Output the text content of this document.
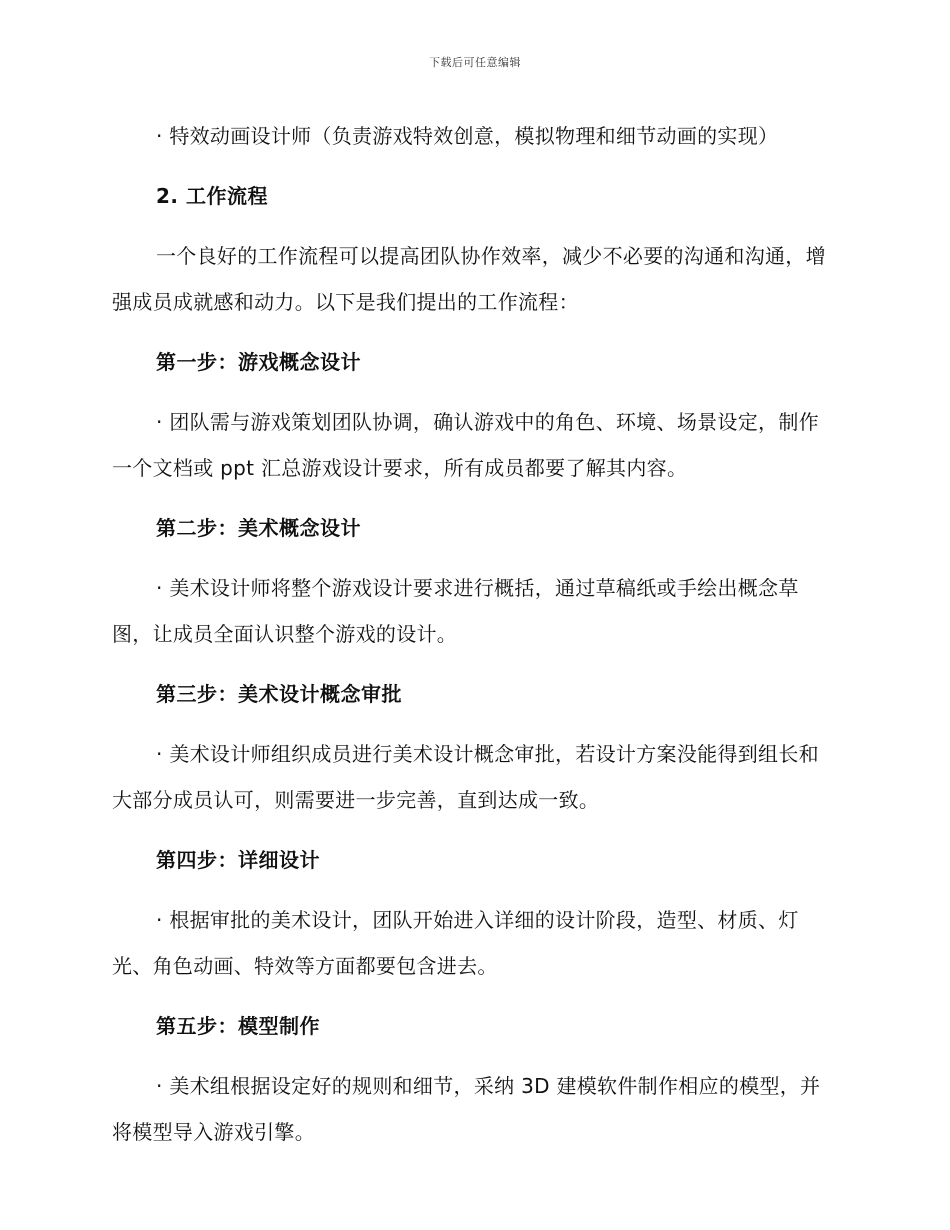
下载后可任意编辑

· 特效动画设计师（负责游戏特效创意，模拟物理和细节动画的实现）

2. 工作流程

一个良好的工作流程可以提高团队协作效率，减少不必要的沟通和沟通，增强成员成就感和动力。以下是我们提出的工作流程：

第一步：游戏概念设计

· 团队需与游戏策划团队协调，确认游戏中的角色、环境、场景设定，制作一个文档或 ppt 汇总游戏设计要求，所有成员都要了解其内容。

第二步：美术概念设计

· 美术设计师将整个游戏设计要求进行概括，通过草稿纸或手绘出概念草图，让成员全面认识整个游戏的设计。

第三步：美术设计概念审批

· 美术设计师组织成员进行美术设计概念审批，若设计方案没能得到组长和大部分成员认可，则需要进一步完善，直到达成一致。

第四步：详细设计

· 根据审批的美术设计，团队开始进入详细的设计阶段，造型、材质、灯光、角色动画、特效等方面都要包含进去。

第五步：模型制作

· 美术组根据设定好的规则和细节，采纳 3D 建模软件制作相应的模型，并将模型导入游戏引擎。
